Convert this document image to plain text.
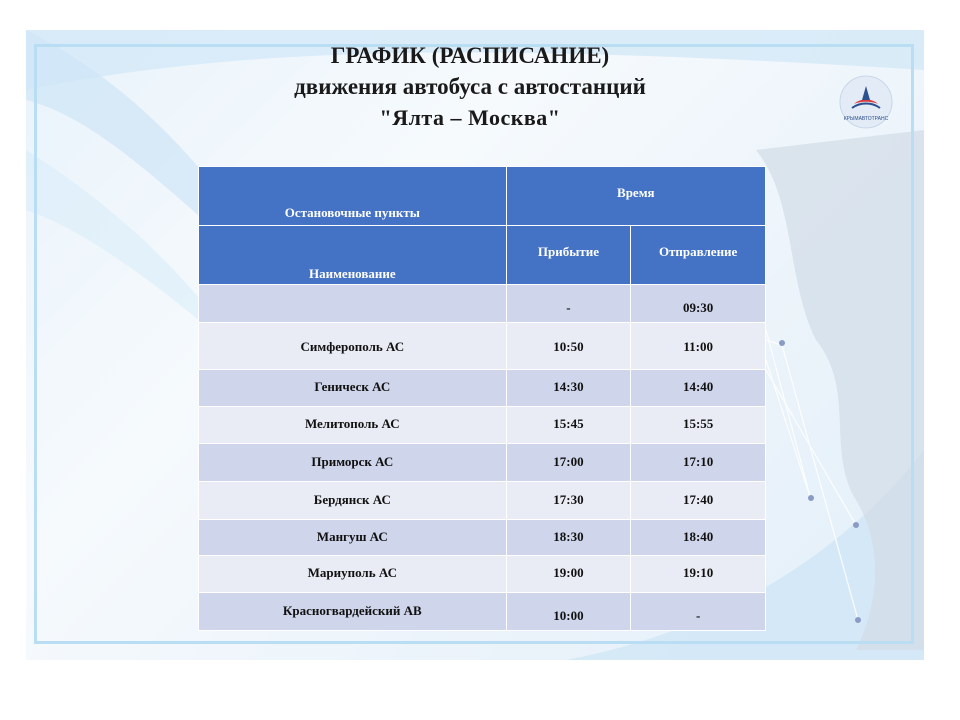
КРЫМАВТОТРАНС
ГРАФИК (РАСПИСАНИЕ)
движения автобуса с автостанций
"Ялта – Москва"
Остановочные пункты	Время	

Наименование	Прибытие	Отправление

	-	09:30

Симферополь АС	10:50	11:00

Геническ АС	14:30	14:40

Мелитополь АС	15:45	15:55

Приморск АС	17:00	17:10

Бердянск АС	17:30	17:40

Мангуш АС	18:30	18:40

Мариуполь АС	19:00	19:10

Красногвардейский АВ	10:00	-
